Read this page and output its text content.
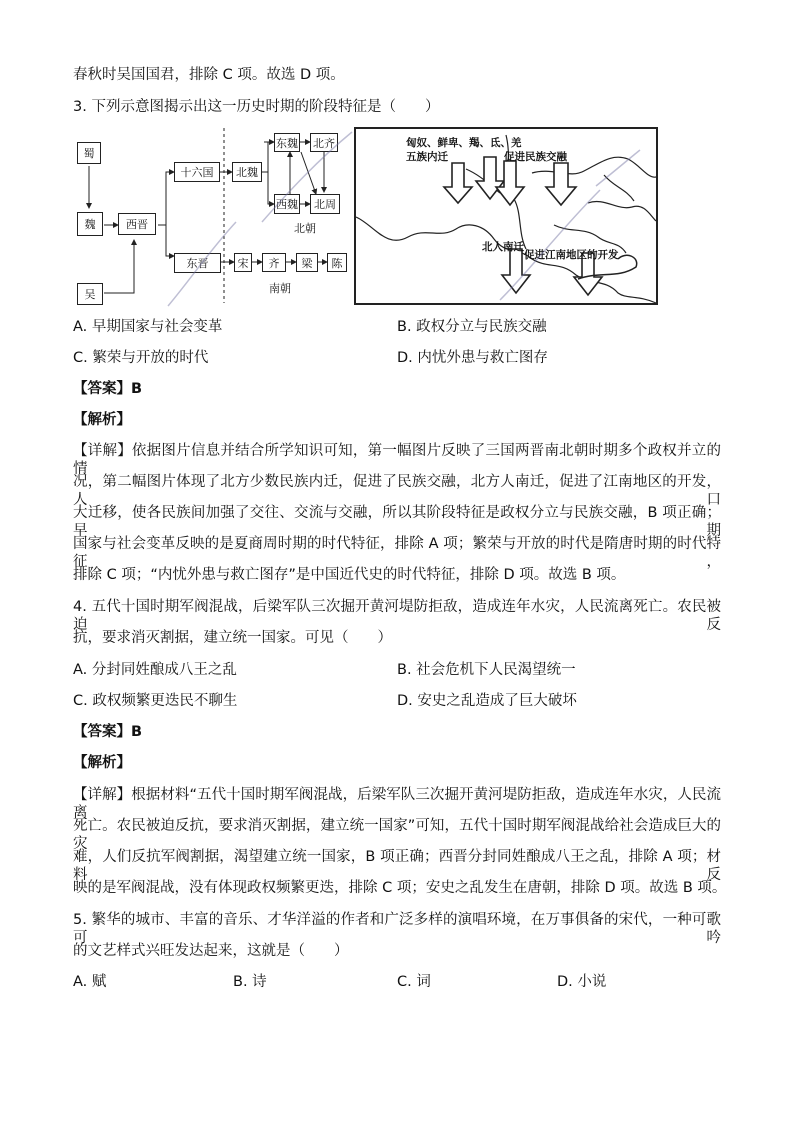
春秋时吴国国君，排除 C 项。故选 D 项。
3. 下列示意图揭示出这一历史时期的阶段特征是（　　）
蜀
魏
吴
西晋
十六国	北魏
东魏 北齐
西魏	北周
北朝
东晋	宋	齐	梁	陈
南朝
匈奴、鲜卑、羯、氐、羌
五族内迁	促进民族交融
北人南迁
促进江南地区的开发
A. 早期国家与社会变革	B. 政权分立与民族交融
C. 繁荣与开放的时代	D. 内忧外患与救亡图存
【答案】B
【解析】
【详解】依据图片信息并结合所学知识可知，第一幅图片反映了三国两晋南北朝时期多个政权并立的情
况，第二幅图片体现了北方少数民族内迁，促进了民族交融，北方人南迁，促进了江南地区的开发，人口
大迁移，使各民族间加强了交往、交流与交融，所以其阶段特征是政权分立与民族交融，B 项正确；早期
国家与社会变革反映的是夏商周时期的时代特征，排除 A 项；繁荣与开放的时代是隋唐时期的时代特征，
排除 C 项；“内忧外患与救亡图存”是中国近代史的时代特征，排除 D 项。故选 B 项。
4. 五代十国时期军阀混战，后梁军队三次掘开黄河堤防拒敌，造成连年水灾，人民流离死亡。农民被迫反
抗，要求消灭割据，建立统一国家。可见（　　）
A. 分封同姓酿成八王之乱	B. 社会危机下人民渴望统一
C. 政权频繁更迭民不聊生	D. 安史之乱造成了巨大破坏
【答案】B
【解析】
【详解】根据材料“五代十国时期军阀混战，后梁军队三次掘开黄河堤防拒敌，造成连年水灾，人民流离
死亡。农民被迫反抗，要求消灭割据，建立统一国家”可知，五代十国时期军阀混战给社会造成巨大的灾
难，人们反抗军阀割据，渴望建立统一国家，B 项正确；西晋分封同姓酿成八王之乱，排除 A 项；材料反
映的是军阀混战，没有体现政权频繁更迭，排除 C 项；安史之乱发生在唐朝，排除 D 项。故选 B 项。
5. 繁华的城市、丰富的音乐、才华洋溢的作者和广泛多样的演唱环境，在万事俱备的宋代，一种可歌可吟
的文艺样式兴旺发达起来，这就是（　　）
A. 赋	B. 诗	C. 词	D. 小说
